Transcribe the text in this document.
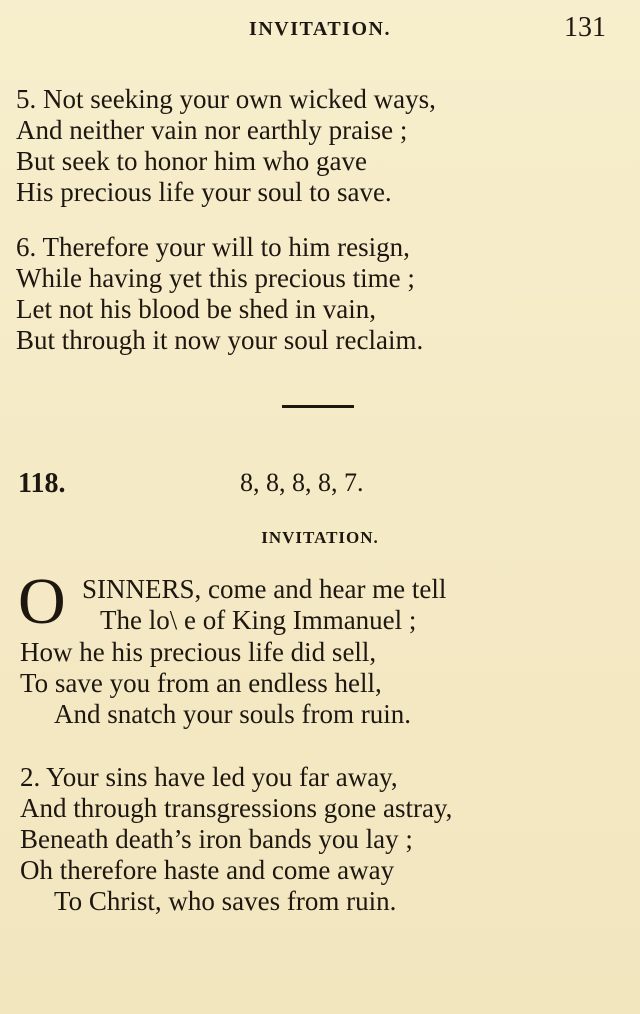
INVITATION.	131
5. Not seeking your own wicked ways,
And neither vain nor earthly praise ;
But seek to honor him who gave
His precious life your soul to save.
6. Therefore your will to him resign,
While having yet this precious time ;
Let not his blood be shed in vain,
But through it now your soul reclaim.
118.	8, 8, 8, 8, 7.
INVITATION.
O SINNERS, come and hear me tell
The lo\ e of King Immanuel ;
How he his precious life did sell,
To save you from an endless hell,
And snatch your souls from ruin.
2. Your sins have led you far away,
And through transgressions gone astray,
Beneath death’s iron bands you lay ;
Oh therefore haste and come away
To Christ, who saves from ruin.
